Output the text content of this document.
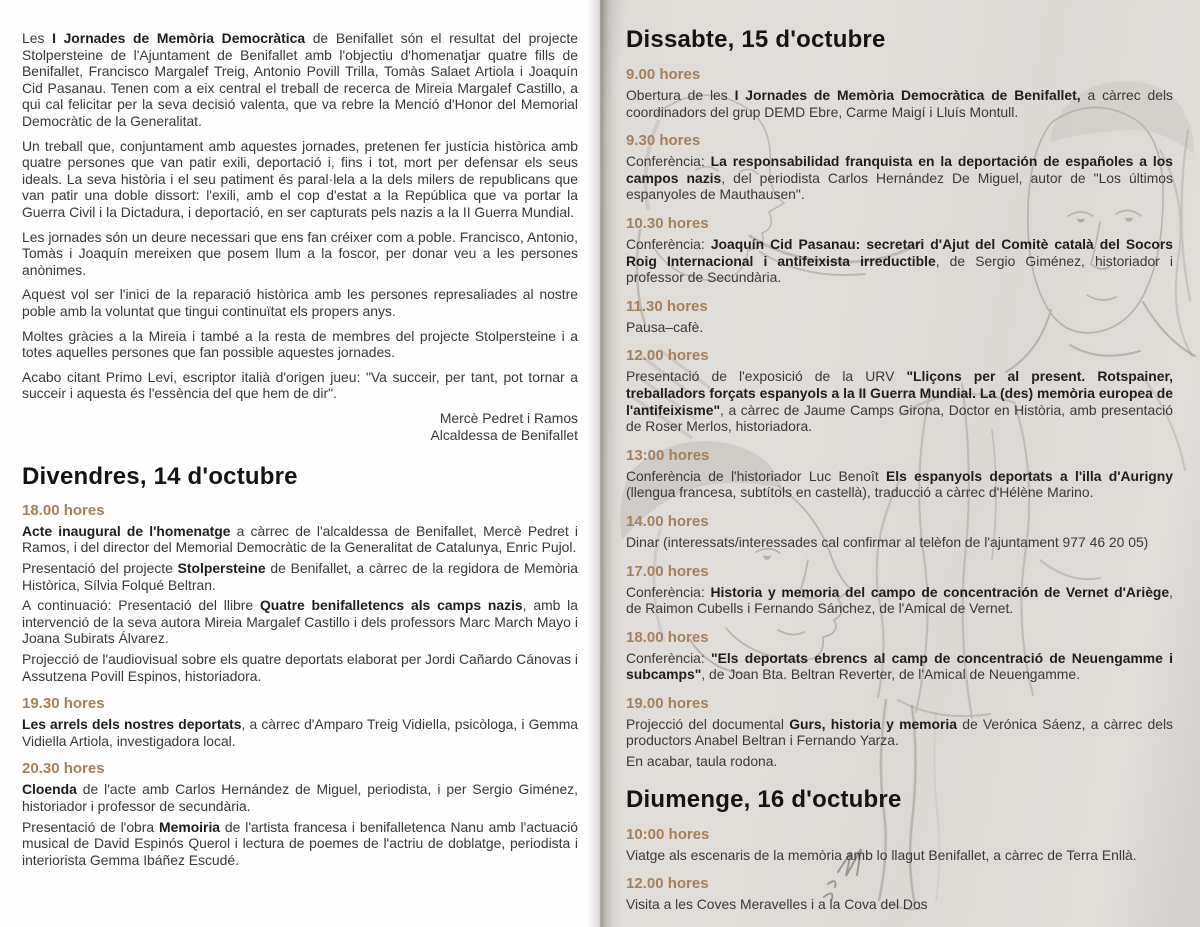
Les I Jornades de Memòria Democràtica de Benifallet són el resultat del projecte Stolpersteine de l'Ajuntament de Benifallet amb l'objectiu d'homenatjar quatre fills de Benifallet, Francisco Margalef Treig, Antonio Povill Trilla, Tomàs Salaet Artiola i Joaquín Cid Pasanau. Tenen com a eix central el treball de recerca de Mireia Margalef Castillo, a qui cal felicitar per la seva decisió valenta, que va rebre la Menció d'Honor del Memorial Democràtic de la Generalitat.

Un treball que, conjuntament amb aquestes jornades, pretenen fer justícia històrica amb quatre persones que van patir exili, deportació i, fins i tot, mort per defensar els seus ideals. La seva història i el seu patiment és paral·lela a la dels milers de republicans que van patir una doble dissort: l'exili, amb el cop d'estat a la República que va portar la Guerra Civil i la Dictadura, i deportació, en ser capturats pels nazis a la II Guerra Mundial.

Les jornades són un deure necessari que ens fan créixer com a poble. Francisco, Antonio, Tomàs i Joaquín mereixen que posem llum a la foscor, per donar veu a les persones anònimes.

Aquest vol ser l'inici de la reparació històrica amb les persones represaliades al nostre poble amb la voluntat que tingui continuïtat els propers anys.

Moltes gràcies a la Mireia i també a la resta de membres del projecte Stolpersteine i a totes aquelles persones que fan possible aquestes jornades.

Acabo citant Primo Levi, escriptor italià d'origen jueu: "Va succeir, per tant, pot tornar a succeir i aquesta és l'essència del que hem de dir".

Mercè Pedret i Ramos
Alcaldessa de Benifallet
Divendres, 14 d'octubre
18.00 hores

Acte inaugural de l'homenatge a càrrec de l'alcaldessa de Benifallet, Mercè Pedret i Ramos, i del director del Memorial Democràtic de la Generalitat de Catalunya, Enric Pujol.

Presentació del projecte Stolpersteine de Benifallet, a càrrec de la regidora de Memòria Històrica, Sílvia Folqué Beltran.

A continuació: Presentació del llibre Quatre benifalletencs als camps nazis, amb la intervenció de la seva autora Mireia Margalef Castillo i dels professors Marc March Mayo i Joana Subirats Álvarez.

Projecció de l'audiovisual sobre els quatre deportats elaborat per Jordi Cañardo Cánovas i Assutzena Povill Espinos, historiadora.

19.30 hores

Les arrels dels nostres deportats, a càrrec d'Amparo Treig Vidiella, psicòloga, i Gemma Vidiella Artiola, investigadora local.

20.30 hores

Cloenda de l'acte amb Carlos Hernández de Miguel, periodista, i per Sergio Giménez, historiador i professor de secundària.

Presentació de l'obra Memoiria de l'artista francesa i benifalletenca Nanu amb l'actuació musical de David Espinós Querol i lectura de poemes de l'actriu de doblatge, periodista i interiorista Gemma Ibáñez Escudé.

Dissabte, 15 d'octubre
9.00 hores

Obertura de les I Jornades de Memòria Democràtica de Benifallet, a càrrec dels coordinadors del grup DEMD Ebre, Carme Maigí i Lluís Montull.

9.30 hores

Conferència: La responsabilidad franquista en la deportación de españoles a los campos nazis, del periodista Carlos Hernández De Miguel, autor de "Los últimos espanyoles de Mauthausen".

10.30 hores

Conferència: Joaquín Cid Pasanau: secretari d'Ajut del Comitè català del Socors Roig Internacional i antifeixista irreductible, de Sergio Giménez, historiador i professor de Secundària.

11.30 hores

Pausa–cafè.

12.00 hores

Presentació de l'exposició de la URV "Lliçons per al present. Rotspainer, treballadors forçats espanyols a la II Guerra Mundial. La (des) memòria europea de l'antifeixisme", a càrrec de Jaume Camps Girona, Doctor en Història, amb presentació de Roser Merlos, historiadora.

13:00 hores

Conferència de l'historiador Luc Benoît Els espanyols deportats a l'illa d'Aurigny (llengua francesa, subtítols en castellà), traducció a càrrec d'Hélène Marino.

14.00 hores

Dinar (interessats/interessades cal confirmar al telèfon de l'ajuntament 977 46 20 05)

17.00 hores

Conferència: Historia y memoria del campo de concentración de Vernet d'Ariège, de Raimon Cubells i Fernando Sánchez, de l'Amical de Vernet.

18.00 hores

Conferència: "Els deportats ebrencs al camp de concentració de Neuengamme i subcamps", de Joan Bta. Beltran Reverter, de l'Amical de Neuengamme.

19.00 hores

Projecció del documental Gurs, historia y memoria de Verónica Sáenz, a càrrec dels productors Anabel Beltran i Fernando Yarza.

En acabar, taula rodona.

Diumenge, 16 d'octubre
10:00 hores

Viatge als escenaris de la memòria amb lo llagut Benifallet, a càrrec de Terra Enllà.

12.00 hores

Visita a les Coves Meravelles i a la Cova del Dos
